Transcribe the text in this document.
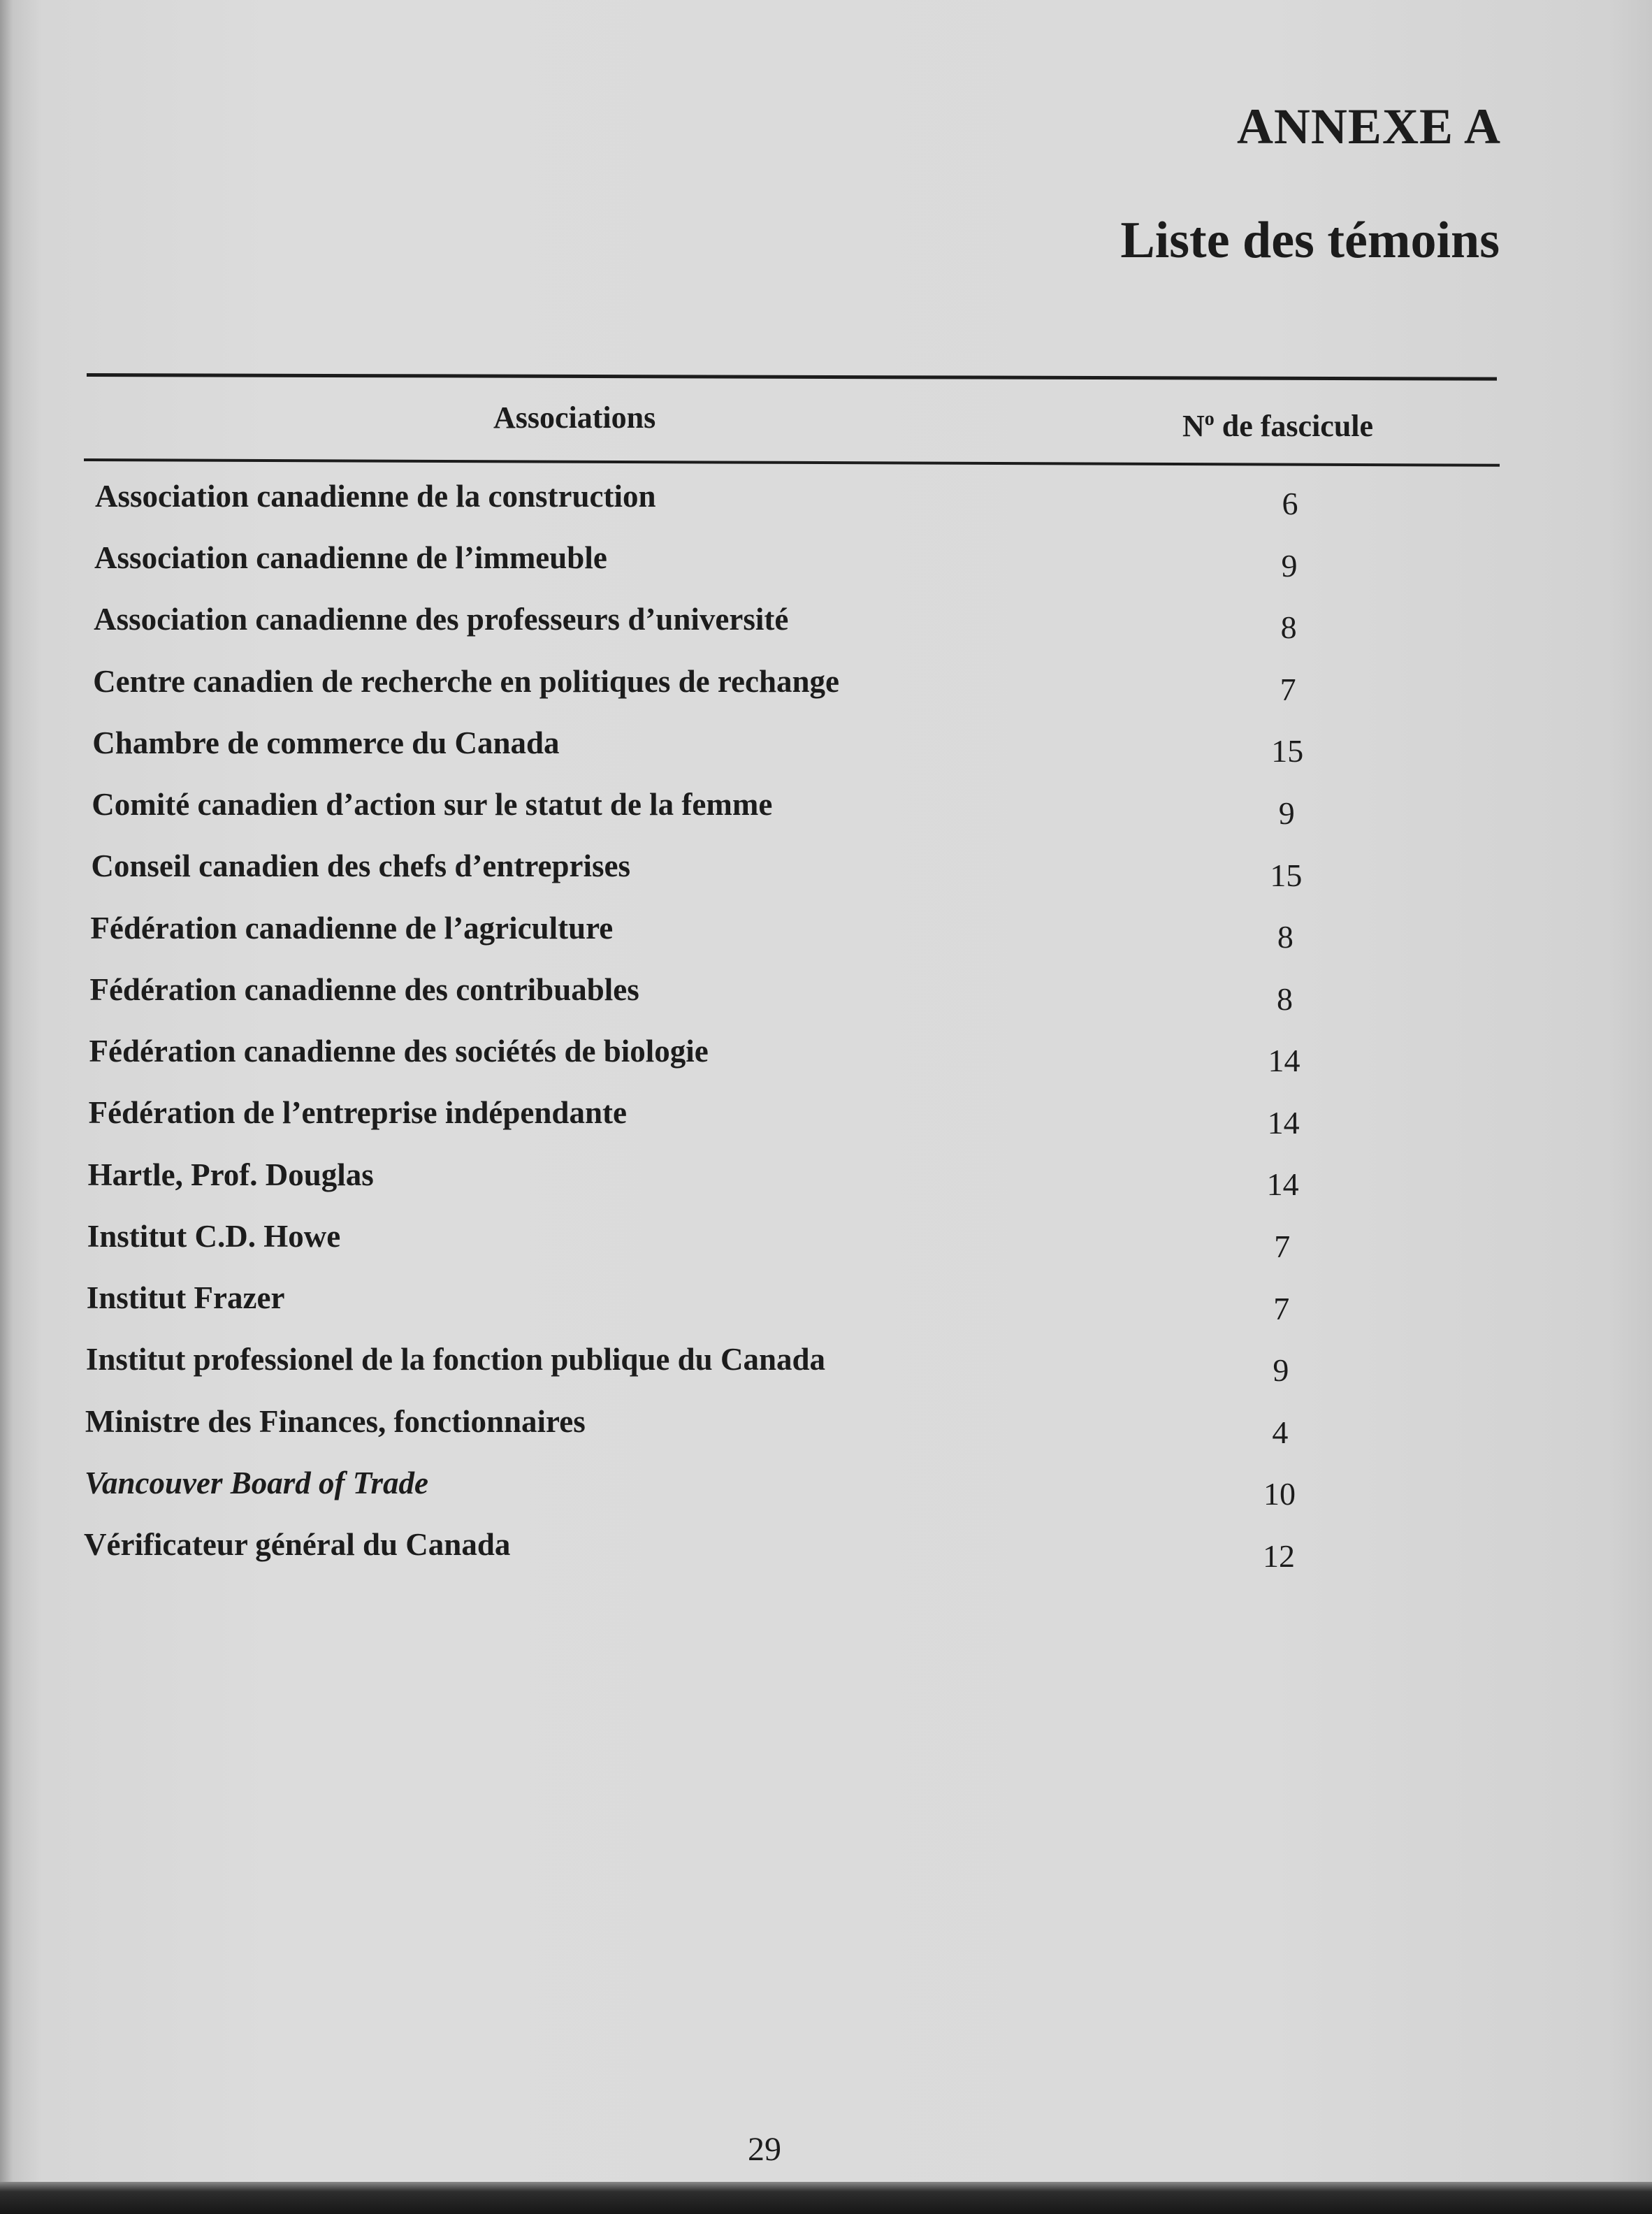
ANNEXE A
Liste des témoins
Associations	$N^o$ de fascicule
Association canadienne de la construction	6
Association canadienne de l’immeuble	9
Association canadienne des professeurs d’université	8
Centre canadien de recherche en politiques de rechange	7
Chambre de commerce du Canada	15
Comité canadien d’action sur le statut de la femme	9
Conseil canadien des chefs d’entreprises	15
Fédération canadienne de l’agriculture	8
Fédération canadienne des contribuables	8
Fédération canadienne des sociétés de biologie	14
Fédération de l’entreprise indépendante	14
Hartle, Prof. Douglas	14
Institut C.D. Howe	7
Institut Frazer	7
Institut professionel de la fonction publique du Canada	9
Ministre des Finances, fonctionnaires	4
Vancouver Board of Trade	10
Vérificateur général du Canada	12
29
